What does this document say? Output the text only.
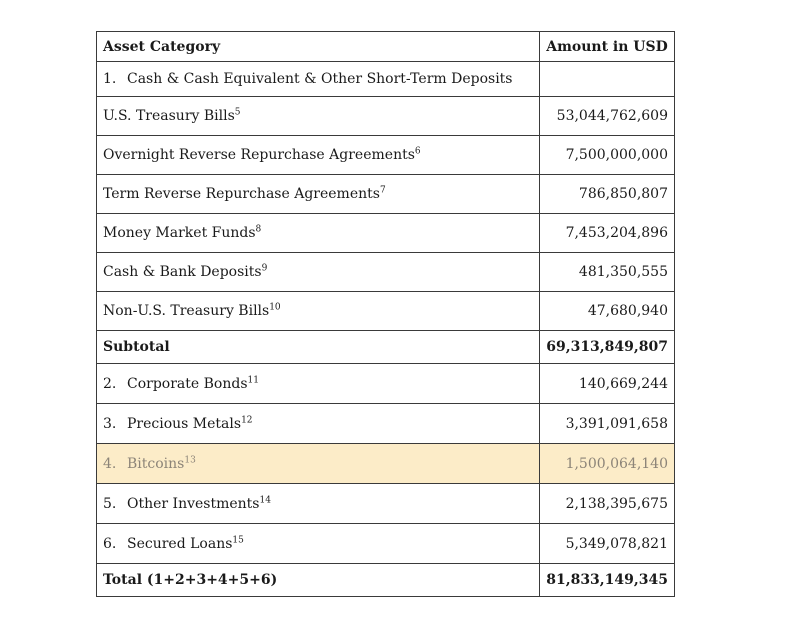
Asset Category	Amount in USD
1. Cash & Cash Equivalent & Other Short-Term Deposits	
U.S. Treasury Bills$^5$	53,044,762,609
Overnight Reverse Repurchase Agreements$^6$	7,500,000,000
Term Reverse Repurchase Agreements$^7$	786,850,807
Money Market Funds$^8$	7,453,204,896
Cash & Bank Deposits$^9$	481,350,555
Non-U.S. Treasury Bills$^{10}$	47,680,940
Subtotal	69,313,849,807
2. Corporate Bonds$^{11}$	140,669,244
3. Precious Metals$^{12}$	3,391,091,658
4. Bitcoins$^{13}$	1,500,064,140
5. Other Investments$^{14}$	2,138,395,675
6. Secured Loans$^{15}$	5,349,078,821
Total (1+2+3+4+5+6)	81,833,149,345
